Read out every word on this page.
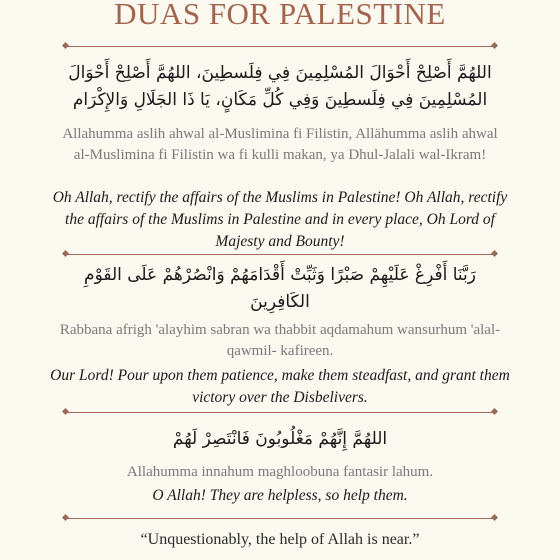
DUAS FOR PALESTINE
اللهُمَّ أَصْلِحْ أَحْوَالَ المُسْلِمِينَ فِي فِلَسطِينَ، اللهُمَّ أَصْلِحْ أَحْوَالَ المُسْلِمِينَ فِي فِلَسطِينَ وَفِي كُلِّ مَكَانٍ، يَا ذَا الجَلَالِ وَالإِكْرَام
Allahumma aslih ahwal al-Muslimina fi Filistin, Allähumma aslih ahwal al-Muslimina fi Filistin wa fi kulli makan, ya Dhul-Jalali wal-Ikram!
Oh Allah, rectify the affairs of the Muslims in Palestine! Oh Allah, rectify the affairs of the Muslims in Palestine and in every place, Oh Lord of Majesty and Bounty!
رَبَّنَا أَفْرِغْ عَلَيْهِمْ صَبْرًا وَثَبِّتْ أَقْدَامَهُمْ وَانْصُرْهُمْ عَلَى القَوْمِ الكَافِرِينَ
Rabbana afrigh 'alayhim sabran wa thabbit aqdamahum wansurhum 'alal-qawmil- kafireen.
Our Lord! Pour upon them patience, make them steadfast, and grant them victory over the Disbelivers.
اللهُمَّ إِنَّهُمْ مَغْلُوبُونَ فَانْتَصِرْ لَهُمْ
Allahumma innahum maghloobuna fantasir lahum.
O Allah! They are helpless, so help them.
“Unquestionably, the help of Allah is near.”
